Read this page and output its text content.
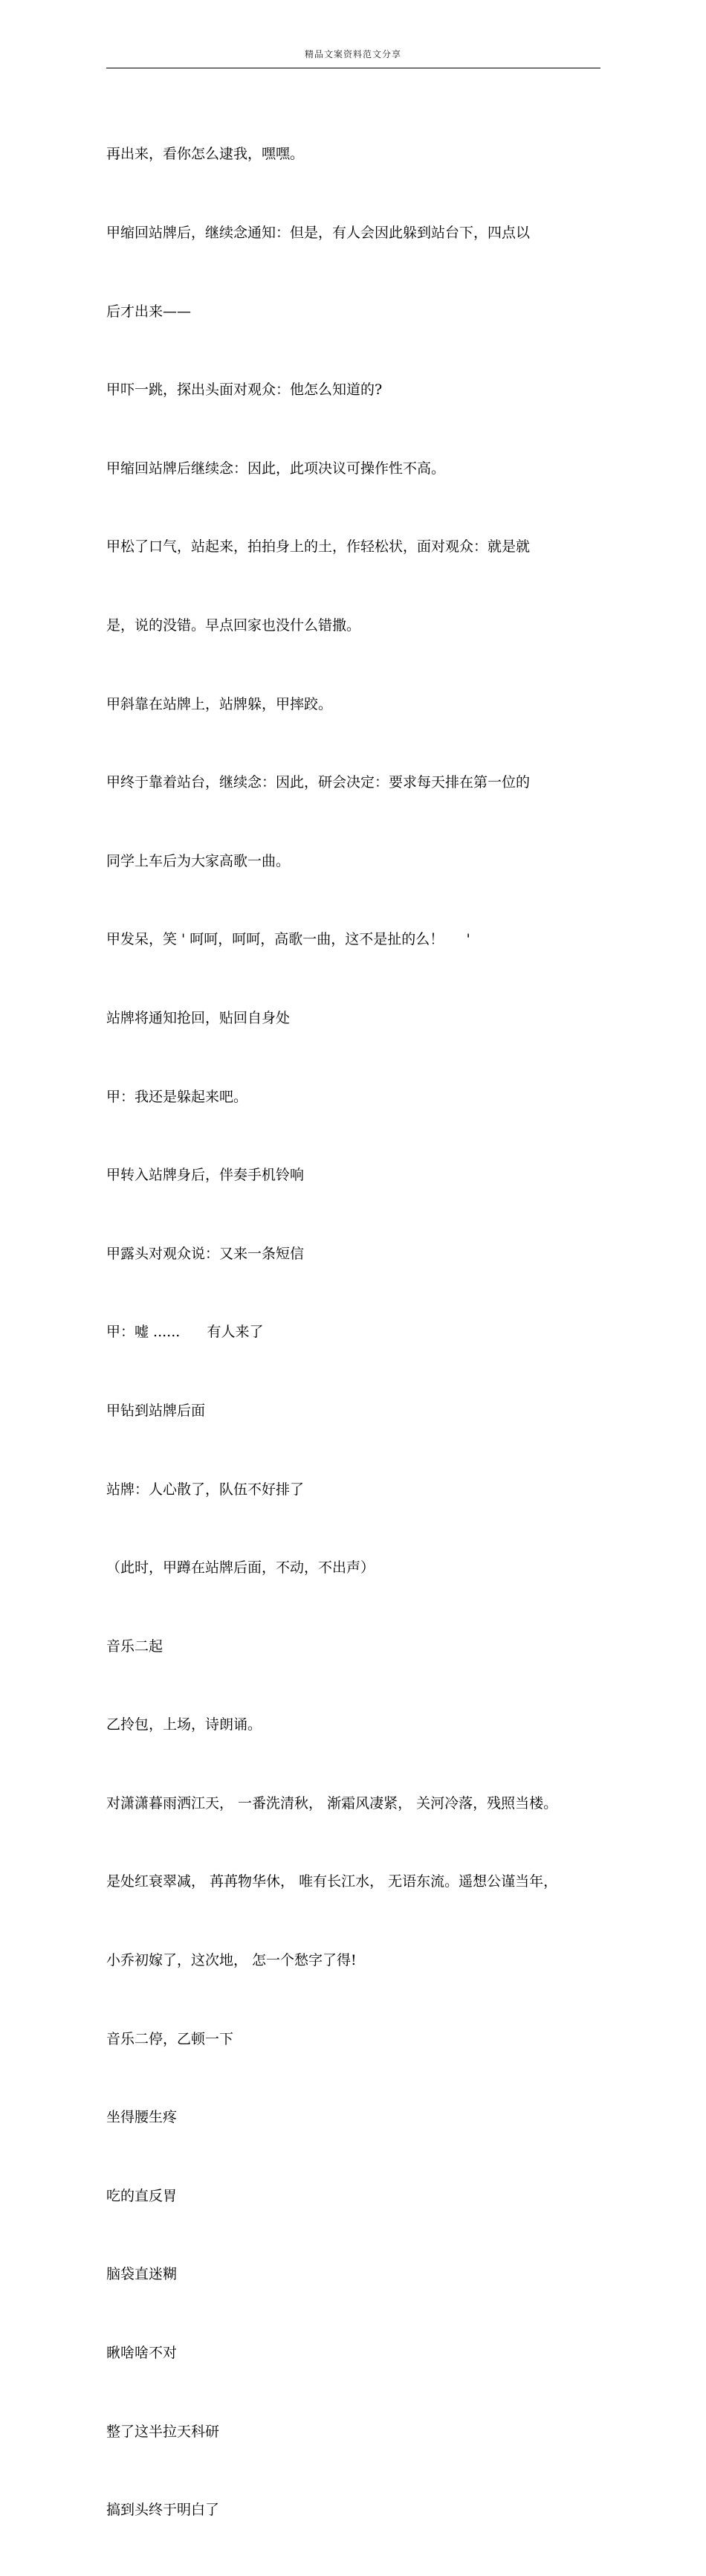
精品文案资料范文分享

再出来，看你怎么逮我，嘿嘿。

甲缩回站牌后，继续念通知：但是，有人会因此躲到站台下，四点以

后才出来——

甲吓一跳，探出头面对观众：他怎么知道的?

甲缩回站牌后继续念：因此，此项决议可操作性不高。

甲松了口气，站起来，拍拍身上的土，作轻松状，面对观众：就是就

是，说的没错。早点回家也没什么错撒。

甲斜靠在站牌上，站牌躲，甲摔跤。

甲终于靠着站台，继续念：因此，研会决定：要求每天排在第一位的

同学上车后为大家高歌一曲。

甲发呆，笑 ' 呵呵，呵呵，高歌一曲，这不是扯的么！     '

站牌将通知抢回，贴回自身处

甲：我还是躲起来吧。

甲转入站牌身后，伴奏手机铃响

甲露头对观众说：又来一条短信

甲：嘘 ......      有人来了

甲钻到站牌后面

站牌：人心散了，队伍不好排了

（此时，甲蹲在站牌后面，不动，不出声）

音乐二起

乙拎包，上场，诗朗诵。

对潇潇暮雨洒江天， 一番洗清秋， 渐霜风凄紧， 关河冷落，残照当楼。

是处红衰翠减， 苒苒物华休， 唯有长江水， 无语东流。遥想公谨当年，

小乔初嫁了，这次地， 怎一个愁字了得!

音乐二停，乙顿一下

坐得腰生疼

吃的直反胃

脑袋直迷糊

瞅啥啥不对

整了这半拉天科研

搞到头终于明白了
